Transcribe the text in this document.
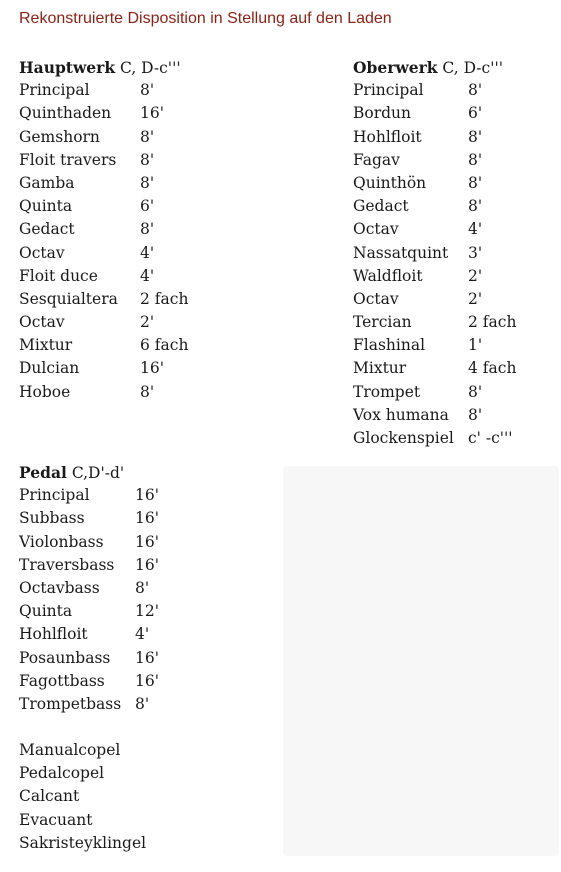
Rekonstruierte Disposition in Stellung auf den Laden
Hauptwerk C, D-c'''
Principal	8'
Quinthaden 16'
Gemshorn	8'
Floit travers 8'
Gamba	8'
Quinta	6'
Gedact	8'
Octav	4'
Floit duce	4'
Sesquialtera 2 fach
Octav	2'
Mixtur	6 fach
Dulcian	16'
Hoboe	8'
Oberwerk C, D-c'''
Principal	8'
Bordun	6'
Hohlfloit	8'
Fagav	8'
Quinthön	8'
Gedact	8'
Octav	4'
Nassatquint 3'
Waldfloit	2'
Octav	2'
Tercian	2 fach
Flashinal	1'
Mixtur	4 fach
Trompet	8'
Vox humana 8'
Glockenspiel c' -c'''
Pedal C,D'-d'
Principal	16'
Subbass	16'
Violonbass 16'
Traversbass 16'
Octavbass 8'
Quinta	12'
Hohlfloit	4'
Posaunbass 16'
Fagottbass 16'
Trompetbass 8'
Manualcopel
Pedalcopel
Calcant
Evacuant
Sakristeyklingel
